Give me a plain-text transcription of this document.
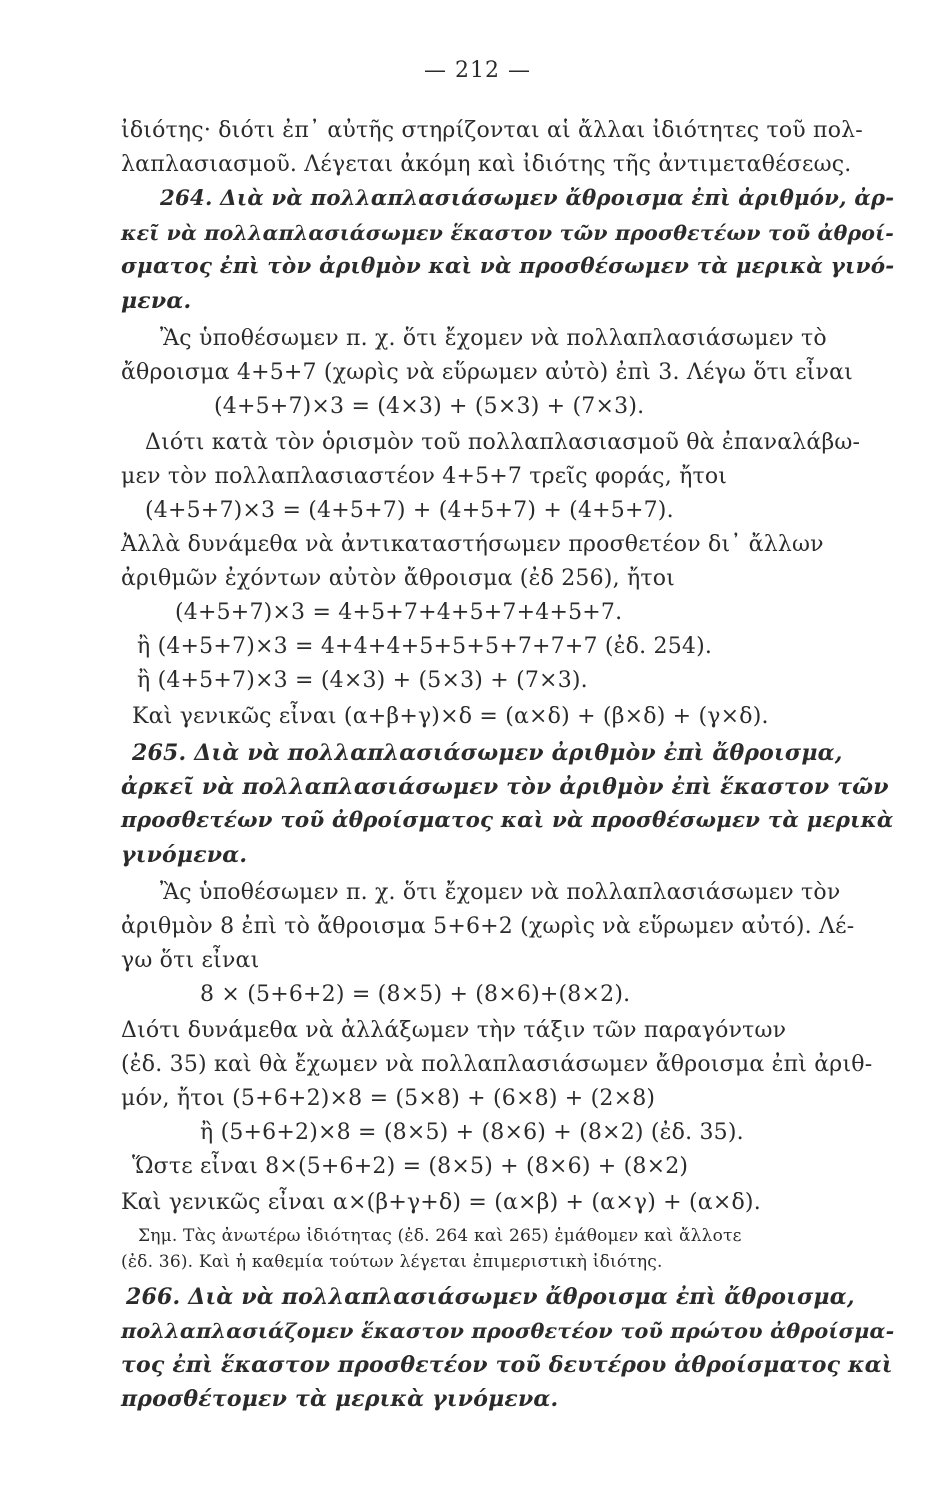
— 212 —
ἰδιότης· διότι ἐπ᾽ αὐτῆς στηρίζονται αἱ ἄλλαι ἰδιότητες τοῦ πολ-
λαπλασιασμοῦ. Λέγεται ἀκόμη καὶ ἰδιότης τῆς ἀντιμεταθέσεως.
264. Διὰ νὰ πολλαπλασιάσωμεν ἄθροισμα ἐπὶ ἀριθμόν, ἀρ-
κεῖ νὰ πολλαπλασιάσωμεν ἕκαστον τῶν προσθετέων τοῦ ἀθροί-
σματος ἐπὶ τὸν ἀριθμὸν καὶ νὰ προσθέσωμεν τὰ μερικὰ γινό-
μενα.
Ἂς ὑποθέσωμεν π. χ. ὅτι ἔχομεν νὰ πολλαπλασιάσωμεν τὸ
ἄθροισμα 4+5+7 (χωρὶς νὰ εὕρωμεν αὐτὸ) ἐπὶ 3. Λέγω ὅτι εἶναι
(4+5+7)×3 = (4×3) + (5×3) + (7×3).
Διότι κατὰ τὸν ὁρισμὸν τοῦ πολλαπλασιασμοῦ θὰ ἐπαναλάβω-
μεν τὸν πολλαπλασιαστέον 4+5+7 τρεῖς φοράς, ἤτοι
(4+5+7)×3 = (4+5+7) + (4+5+7) + (4+5+7).
Ἀλλὰ δυνάμεθα νὰ ἀντικαταστήσωμεν προσθετέον δι᾽ ἄλλων
ἀριθμῶν ἐχόντων αὐτὸν ἄθροισμα (ἐδ 256), ἤτοι
(4+5+7)×3 = 4+5+7+4+5+7+4+5+7.
ἢ (4+5+7)×3 = 4+4+4+5+5+5+7+7+7 (ἐδ. 254).
ἢ (4+5+7)×3 = (4×3) + (5×3) + (7×3).
Καὶ γενικῶς εἶναι (α+β+γ)×δ = (α×δ) + (β×δ) + (γ×δ).
265. Διὰ νὰ πολλαπλασιάσωμεν ἀριθμὸν ἐπὶ ἄθροισμα,
ἀρκεῖ νὰ πολλαπλασιάσωμεν τὸν ἀριθμὸν ἐπὶ ἕκαστον τῶν
προσθετέων τοῦ ἀθροίσματος καὶ νὰ προσθέσωμεν τὰ μερικὰ
γινόμενα.
Ἂς ὑποθέσωμεν π. χ. ὅτι ἔχομεν νὰ πολλαπλασιάσωμεν τὸν
ἀριθμὸν 8 ἐπὶ τὸ ἄθροισμα 5+6+2 (χωρὶς νὰ εὕρωμεν αὐτό). Λέ-
γω ὅτι εἶναι
8 × (5+6+2) = (8×5) + (8×6)+(8×2).
Διότι δυνάμεθα νὰ ἀλλάξωμεν τὴν τάξιν τῶν παραγόντων
(ἐδ. 35) καὶ θὰ ἔχωμεν νὰ πολλαπλασιάσωμεν ἄθροισμα ἐπὶ ἀριθ-
μόν, ἤτοι (5+6+2)×8 = (5×8) + (6×8) + (2×8)
ἢ (5+6+2)×8 = (8×5) + (8×6) + (8×2) (ἐδ. 35).
Ὥστε εἶναι 8×(5+6+2) = (8×5) + (8×6) + (8×2)
Καὶ γενικῶς εἶναι α×(β+γ+δ) = (α×β) + (α×γ) + (α×δ).
Σημ. Τὰς ἀνωτέρω ἰδιότητας (ἐδ. 264 καὶ 265) ἐμάθομεν καὶ ἄλλοτε
(ἐδ. 36). Καὶ ἡ καθεμία τούτων λέγεται ἐπιμεριστικὴ ἰδιότης.
266. Διὰ νὰ πολλαπλασιάσωμεν ἄθροισμα ἐπὶ ἄθροισμα,
πολλαπλασιάζομεν ἕκαστον προσθετέον τοῦ πρώτου ἀθροίσμα-
τος ἐπὶ ἕκαστον προσθετέον τοῦ δευτέρου ἀθροίσματος καὶ
προσθέτομεν τὰ μερικὰ γινόμενα.
